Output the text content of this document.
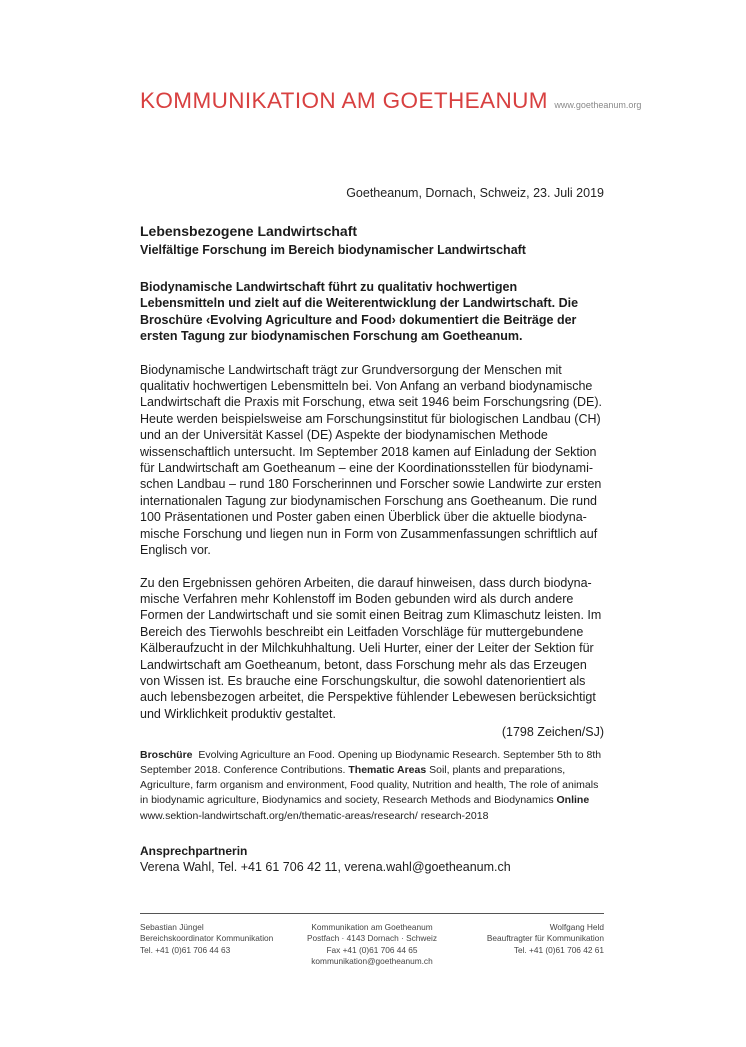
KOMMUNIKATION AM GOETHEANUM www.goetheanum.org
Goetheanum, Dornach, Schweiz, 23. Juli 2019
Lebensbezogene Landwirtschaft
Vielfältige Forschung im Bereich biodynamischer Landwirtschaft

Biodynamische Landwirtschaft führt zu qualitativ hochwertigen Lebensmitteln und zielt auf die Weiterentwicklung der Landwirtschaft. Die Broschüre ‹Evolving Agriculture and Food› dokumentiert die Beiträge der ersten Tagung zur biodynamischen Forschung am Goetheanum.

Biodynamische Landwirtschaft trägt zur Grundversorgung der Menschen mit qualitativ hochwertigen Lebensmitteln bei. Von Anfang an verband biodynamische Landwirtschaft die Praxis mit Forschung, etwa seit 1946 beim Forschungsring (DE). Heute werden beispielsweise am Forschungsinstitut für biologischen Landbau (CH) und an der Universität Kassel (DE) Aspekte der biodynamischen Methode wissenschaftlich untersucht. Im September 2018 kamen auf Einladung der Sektion für Landwirtschaft am Goetheanum – eine der Koordinationsstellen für biodynamischen Landbau – rund 180 Forscherinnen und Forscher sowie Landwirte zur ersten internationalen Tagung zur biodynamischen Forschung ans Goetheanum. Die rund 100 Präsentationen und Poster gaben einen Überblick über die aktuelle biodynamische Forschung und liegen nun in Form von Zusammenfassungen schriftlich auf Englisch vor.

Zu den Ergebnissen gehören Arbeiten, die darauf hinweisen, dass durch biodynamische Verfahren mehr Kohlenstoff im Boden gebunden wird als durch andere Formen der Landwirtschaft und sie somit einen Beitrag zum Klimaschutz leisten. Im Bereich des Tierwohls beschreibt ein Leitfaden Vorschläge für muttergebundene Kälberaufzucht in der Milchkuhhaltung. Ueli Hurter, einer der Leiter der Sektion für Landwirtschaft am Goetheanum, betont, dass Forschung mehr als das Erzeugen von Wissen ist. Es brauche eine Forschungskultur, die sowohl datenorientiert als auch lebensbezogen arbeitet, die Perspektive fühlender Lebewesen berücksichtigt und Wirklichkeit produktiv gestaltet.

(1798 Zeichen/SJ)
Broschüre Evolving Agriculture an Food. Opening up Biodynamic Research. September 5th to 8th September 2018. Conference Contributions. Thematic Areas Soil, plants and preparations, Agriculture, farm organism and environment, Food quality, Nutrition and health, The role of animals in biodynamic agriculture, Biodynamics and society, Research Methods and Biodynamics Online www.sektion-landwirtschaft.org/en/thematic-areas/research/ research-2018
Ansprechpartnerin
Verena Wahl, Tel. +41 61 706 42 11, verena.wahl@goetheanum.ch
Sebastian Jüngel
Bereichskoordinator Kommunikation
Tel. +41 (0)61 706 44 63
Kommunikation am Goetheanum
Postfach · 4143 Dornach · Schweiz
Fax +41 (0)61 706 44 65
kommunikation@goetheanum.ch
Wolfgang Held
Beauftragter für Kommunikation
Tel. +41 (0)61 706 42 61
